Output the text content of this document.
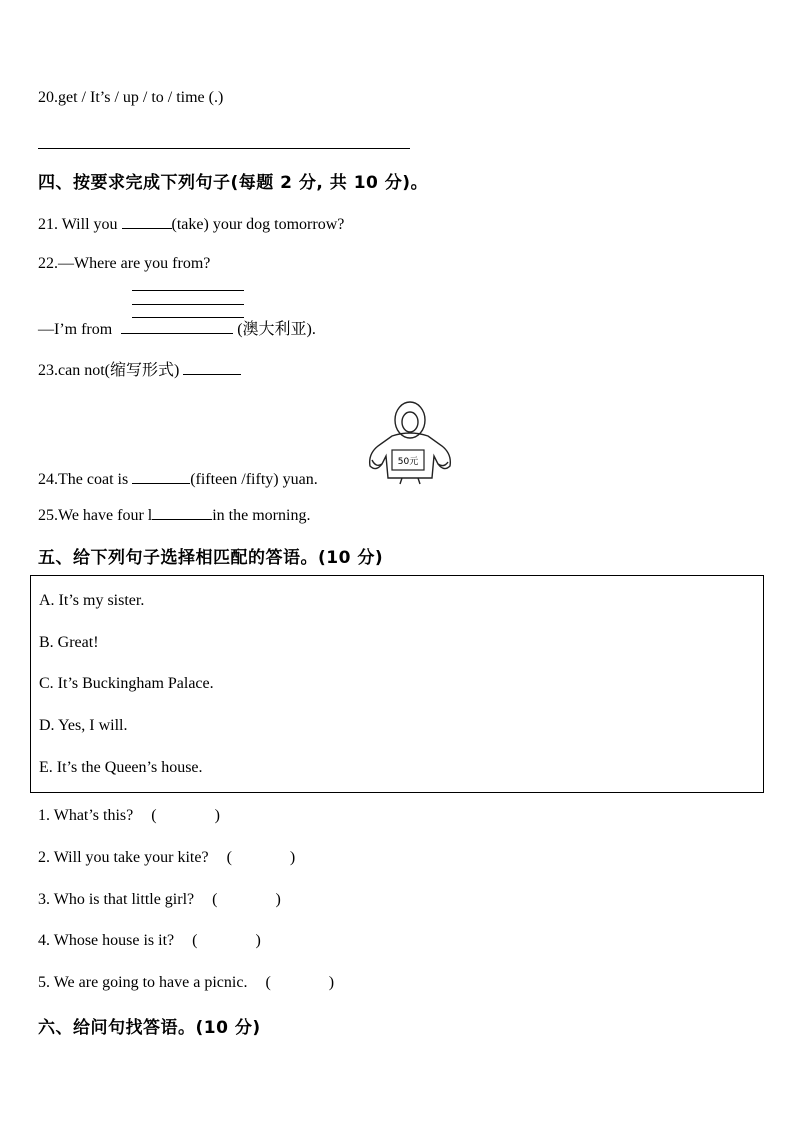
20.get / It’s / up / to / time (.)
四、按要求完成下列句子(每题 2 分, 共 10 分)。
21. Will you	(take) your dog tomorrow?
22.—Where are you from?
—I’m from	(澳大利亚).
23.can not(缩写形式)
50元
24.The coat is	(fifteen /fifty) yuan.
25.We have four l	in the morning.
五、给下列句子选择相匹配的答语。(10 分)
A. It’s my sister.
B. Great!
C. It’s Buckingham Palace.
D. Yes, I will.
E. It’s the Queen’s house.
1. What’s this? (	)
2. Will you take your kite? (	)
3. Who is that little girl? (	)
4. Whose house is it? (	)
5. We are going to have a picnic. (	)
六、给问句找答语。(10 分)
